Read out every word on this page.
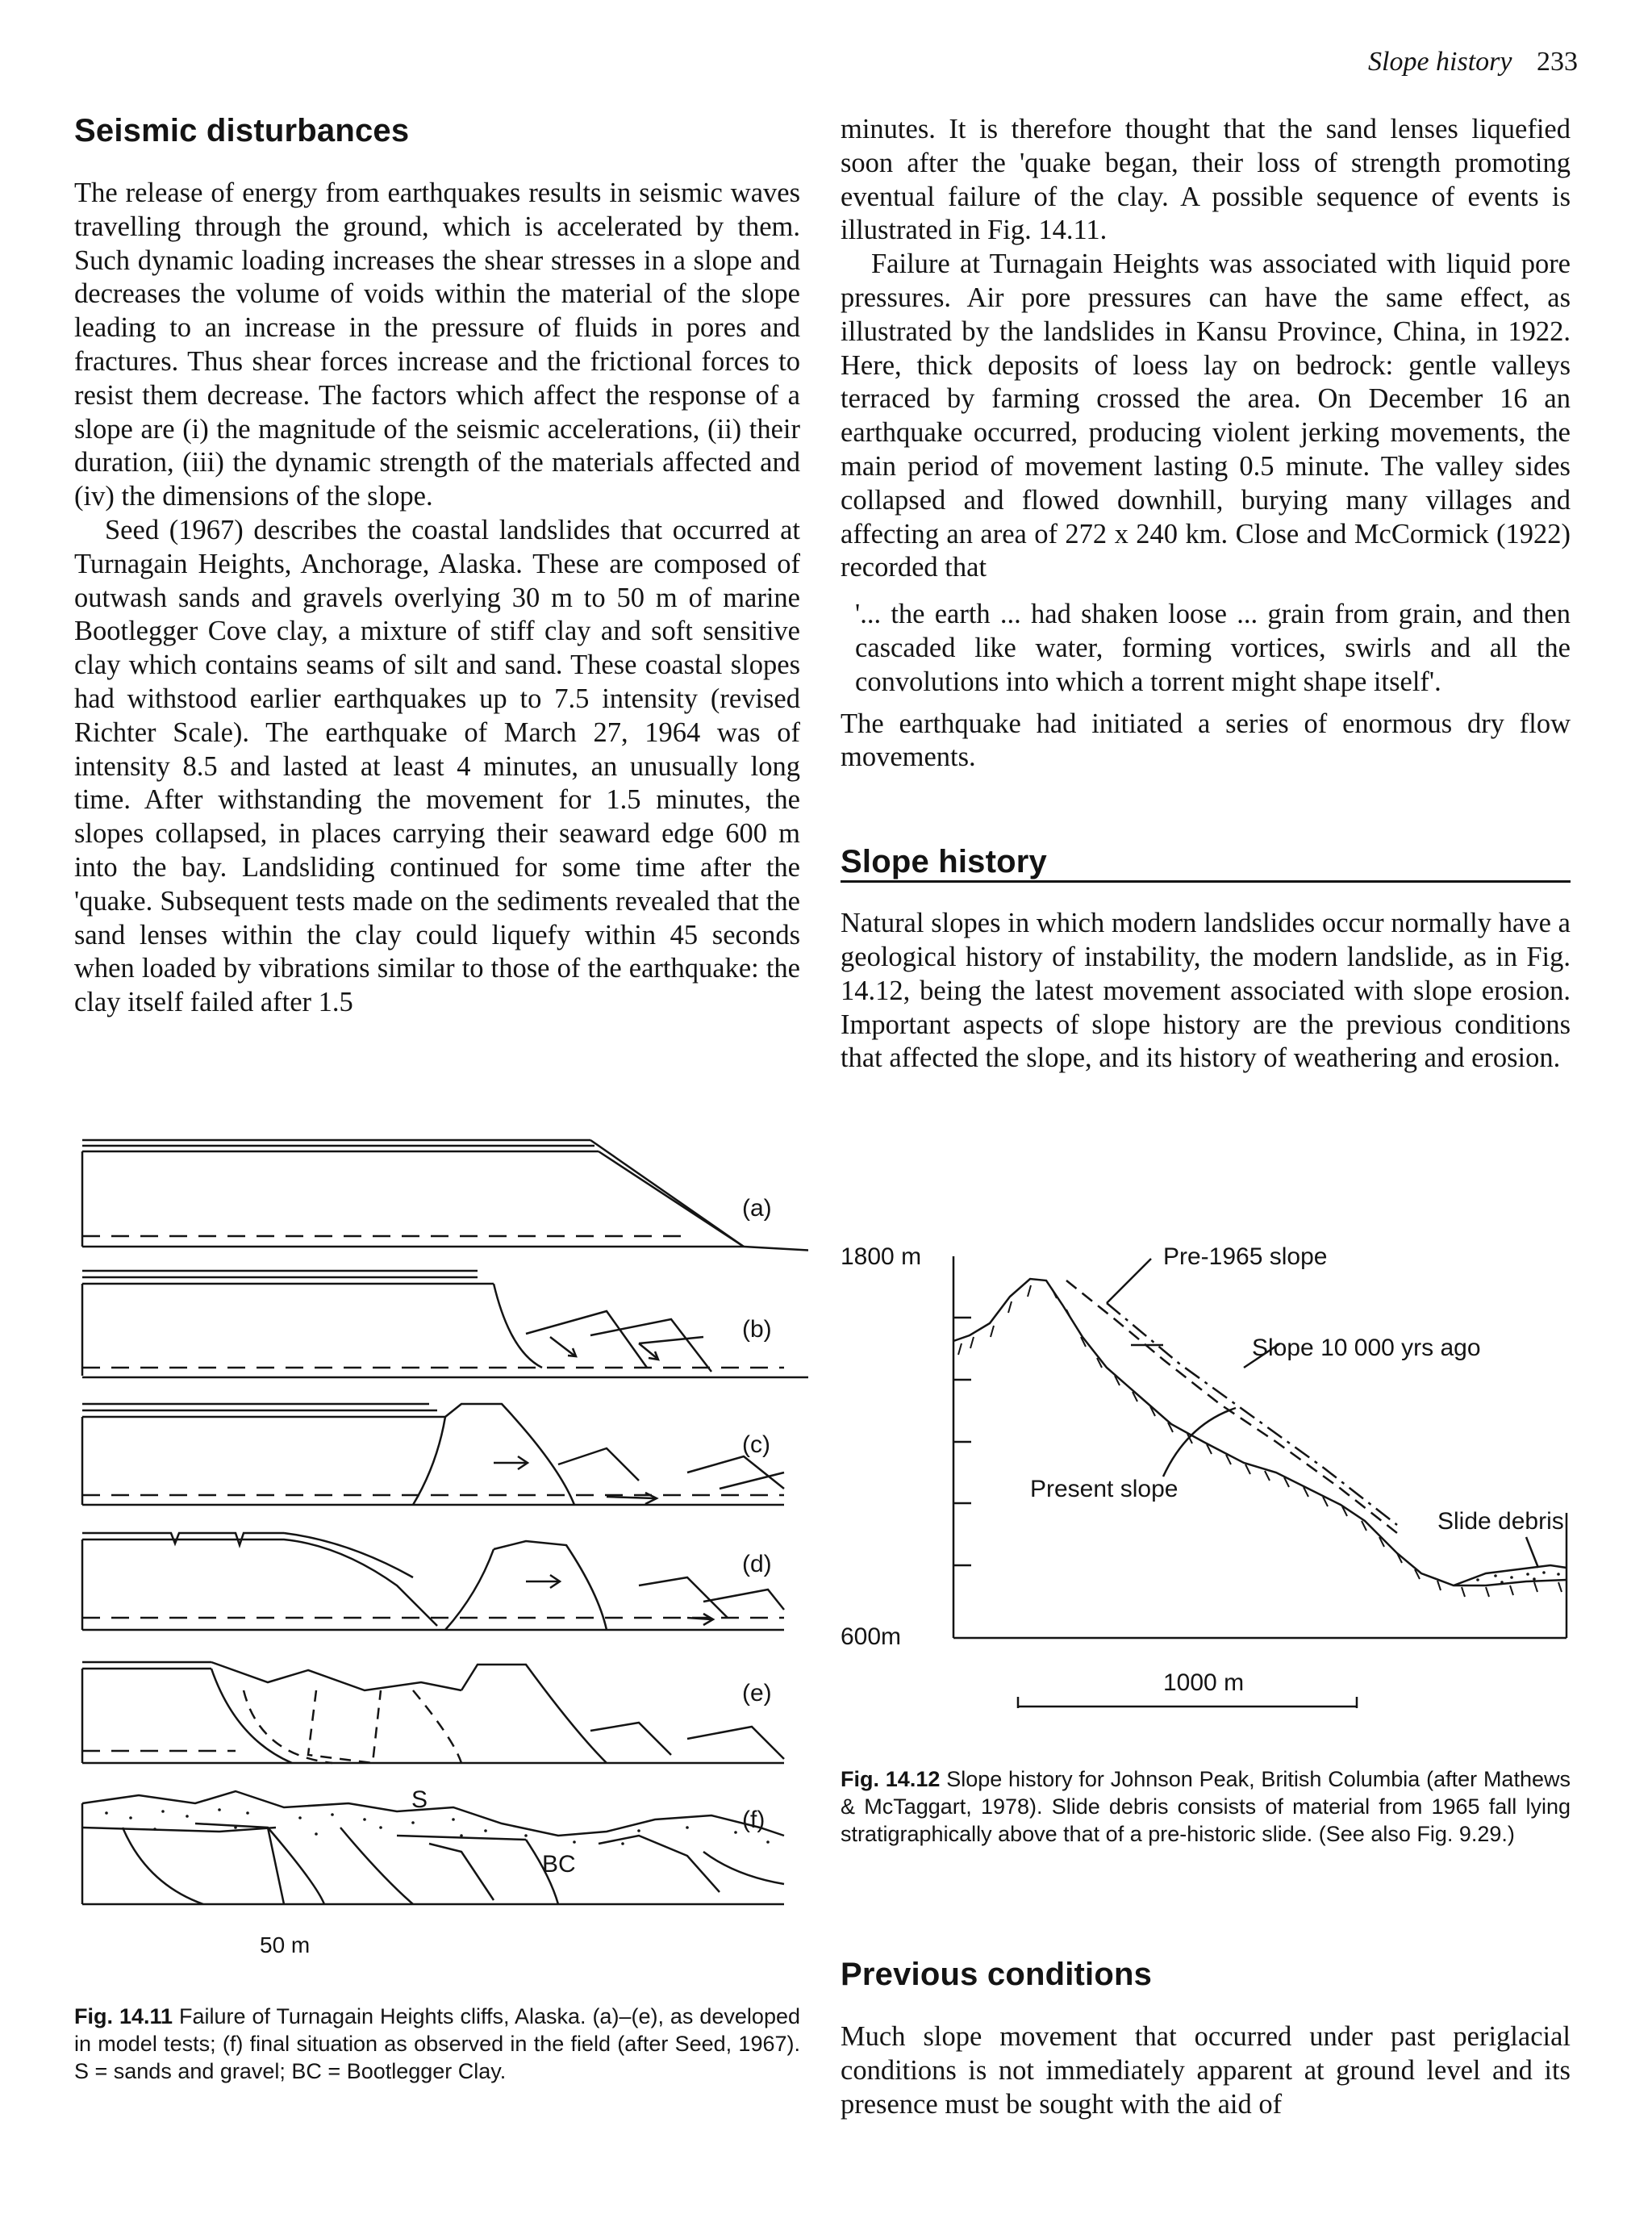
Slope history 233
Seismic disturbances

The release of energy from earthquakes results in seismic waves travelling through the ground, which is accelerated by them. Such dynamic loading increases the shear stresses in a slope and decreases the volume of voids within the material of the slope leading to an increase in the pressure of fluids in pores and fractures. Thus shear forces increase and the frictional forces to resist them decrease. The factors which affect the response of a slope are (i) the magnitude of the seismic accelerations, (ii) their duration, (iii) the dynamic strength of the materials affected and (iv) the dimensions of the slope.

Seed (1967) describes the coastal landslides that occurred at Turnagain Heights, Anchorage, Alaska. These are composed of outwash sands and gravels overlying 30 m to 50 m of marine Bootlegger Cove clay, a mixture of stiff clay and soft sensitive clay which contains seams of silt and sand. These coastal slopes had withstood earlier earthquakes up to 7.5 intensity (revised Richter Scale). The earthquake of March 27, 1964 was of intensity 8.5 and lasted at least 4 minutes, an unusually long time. After withstanding the movement for 1.5 minutes, the slopes collapsed, in places carrying their seaward edge 600 m into the bay. Landsliding continued for some time after the 'quake. Subsequent tests made on the sediments revealed that the sand lenses within the clay could liquefy within 45 seconds when loaded by vibrations similar to those of the earthquake: the clay itself failed after 1.5

(a)
(b)
(c)
(d)
(e)
(f)
S
BC
50 m
Fig. 14.11 Failure of Turnagain Heights cliffs, Alaska. (a)–(e), as developed in model tests; (f) final situation as observed in the field (after Seed, 1967). S = sands and gravel; BC = Bootlegger Clay.

minutes. It is therefore thought that the sand lenses liquefied soon after the 'quake began, their loss of strength promoting eventual failure of the clay. A possible sequence of events is illustrated in Fig. 14.11.

Failure at Turnagain Heights was associated with liquid pore pressures. Air pore pressures can have the same effect, as illustrated by the landslides in Kansu Province, China, in 1922. Here, thick deposits of loess lay on bedrock: gentle valleys terraced by farming crossed the area. On December 16 an earthquake occurred, producing violent jerking movements, the main period of movement lasting 0.5 minute. The valley sides collapsed and flowed downhill, burying many villages and affecting an area of 272 x 240 km. Close and McCormick (1922) recorded that

'... the earth ... had shaken loose ... grain from grain, and then cascaded like water, forming vortices, swirls and all the convolutions into which a torrent might shape itself'.

The earthquake had initiated a series of enormous dry flow movements.

Slope history

Natural slopes in which modern landslides occur normally have a geological history of instability, the modern landslide, as in Fig. 14.12, being the latest movement associated with slope erosion. Important aspects of slope history are the previous conditions that affected the slope, and its history of weathering and erosion.

1800 m
600m
Pre-1965 slope
Slope 10 000 yrs ago
Present slope
Slide debris
1000 m
Fig. 14.12 Slope history for Johnson Peak, British Columbia (after Mathews & McTaggart, 1978). Slide debris consists of material from 1965 fall lying stratigraphically above that of a pre-historic slide. (See also Fig. 9.29.)
Previous conditions

Much slope movement that occurred under past periglacial conditions is not immediately apparent at ground level and its presence must be sought with the aid of
